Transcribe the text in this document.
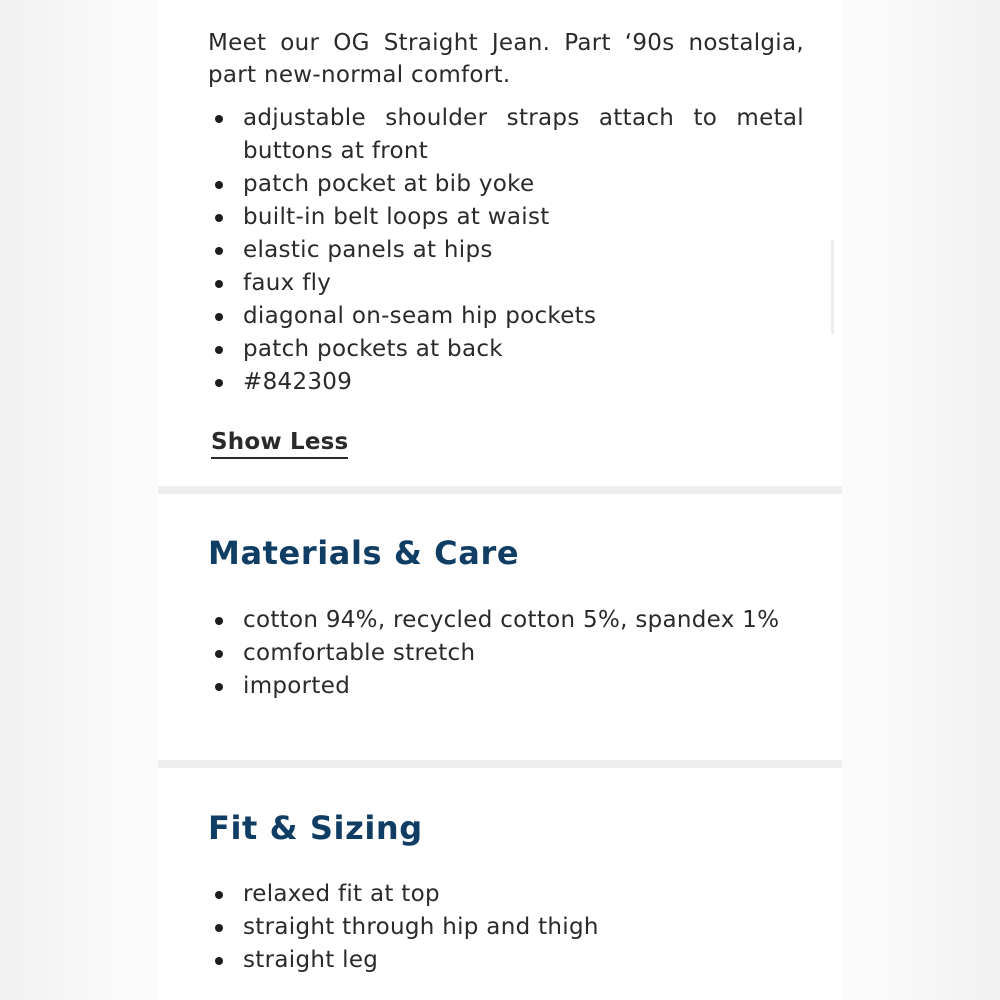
Meet our OG Straight Jean. Part ‘90s nostalgia, part new-normal comfort.

adjustable shoulder straps attach to metal buttons at front
patch pocket at bib yoke
built-in belt loops at waist
elastic panels at hips
faux fly
diagonal on-seam hip pockets
patch pockets at back
#842309
Show Less
Materials & Care
cotton 94%, recycled cotton 5%, spandex 1%
comfortable stretch
imported
Fit & Sizing
relaxed fit at top
straight through hip and thigh
straight leg
